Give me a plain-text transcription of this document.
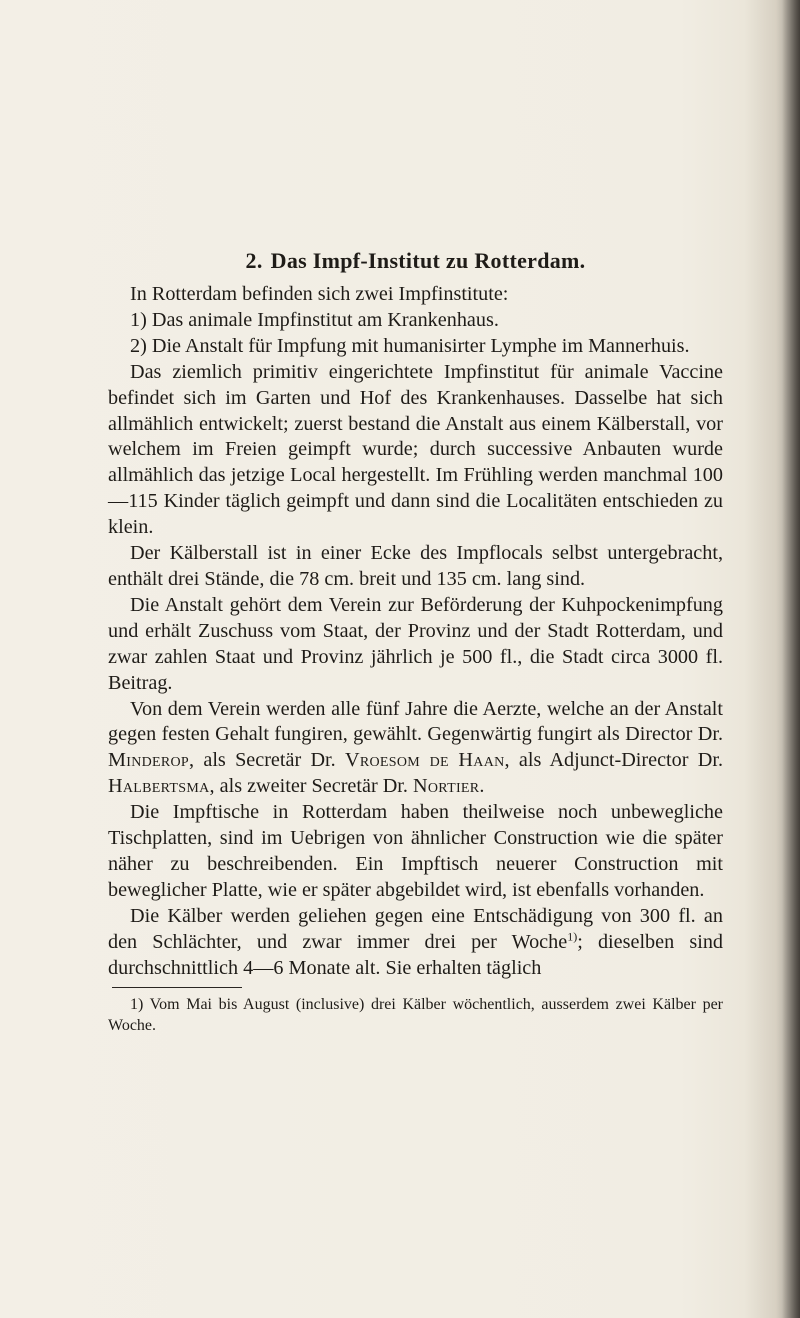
2. Das Impf-Institut zu Rotterdam.

In Rotterdam befinden sich zwei Impfinstitute:

1) Das animale Impfinstitut am Krankenhaus.

2) Die Anstalt für Impfung mit humanisirter Lymphe im Mannerhuis.

Das ziemlich primitiv eingerichtete Impfinstitut für animale Vaccine befindet sich im Garten und Hof des Krankenhauses. Dasselbe hat sich allmählich entwickelt; zuerst bestand die Anstalt aus einem Kälberstall, vor welchem im Freien geimpft wurde; durch successive Anbauten wurde allmählich das jetzige Local hergestellt. Im Frühling werden manchmal 100—115 Kinder täglich geimpft und dann sind die Localitäten entschieden zu klein.

Der Kälberstall ist in einer Ecke des Impflocals selbst untergebracht, enthält drei Stände, die 78 cm. breit und 135 cm. lang sind.

Die Anstalt gehört dem Verein zur Beförderung der Kuhpockenimpfung und erhält Zuschuss vom Staat, der Provinz und der Stadt Rotterdam, und zwar zahlen Staat und Provinz jährlich je 500 fl., die Stadt circa 3000 fl. Beitrag.

Von dem Verein werden alle fünf Jahre die Aerzte, welche an der Anstalt gegen festen Gehalt fungiren, gewählt. Gegenwärtig fungirt als Director Dr. Minderop, als Secretär Dr. Vroesom de Haan, als Adjunct-Director Dr. Halbertsma, als zweiter Secretär Dr. Nortier.

Die Impftische in Rotterdam haben theilweise noch unbewegliche Tischplatten, sind im Uebrigen von ähnlicher Construction wie die später näher zu beschreibenden. Ein Impftisch neuerer Construction mit beweglicher Platte, wie er später abgebildet wird, ist ebenfalls vorhanden.

Die Kälber werden geliehen gegen eine Entschädigung von 300 fl. an den Schlächter, und zwar immer drei per Woche$^{1)}$; dieselben sind durchschnittlich 4—6 Monate alt. Sie erhalten täglich

1) Vom Mai bis August (inclusive) drei Kälber wöchentlich, ausserdem zwei Kälber per Woche.
